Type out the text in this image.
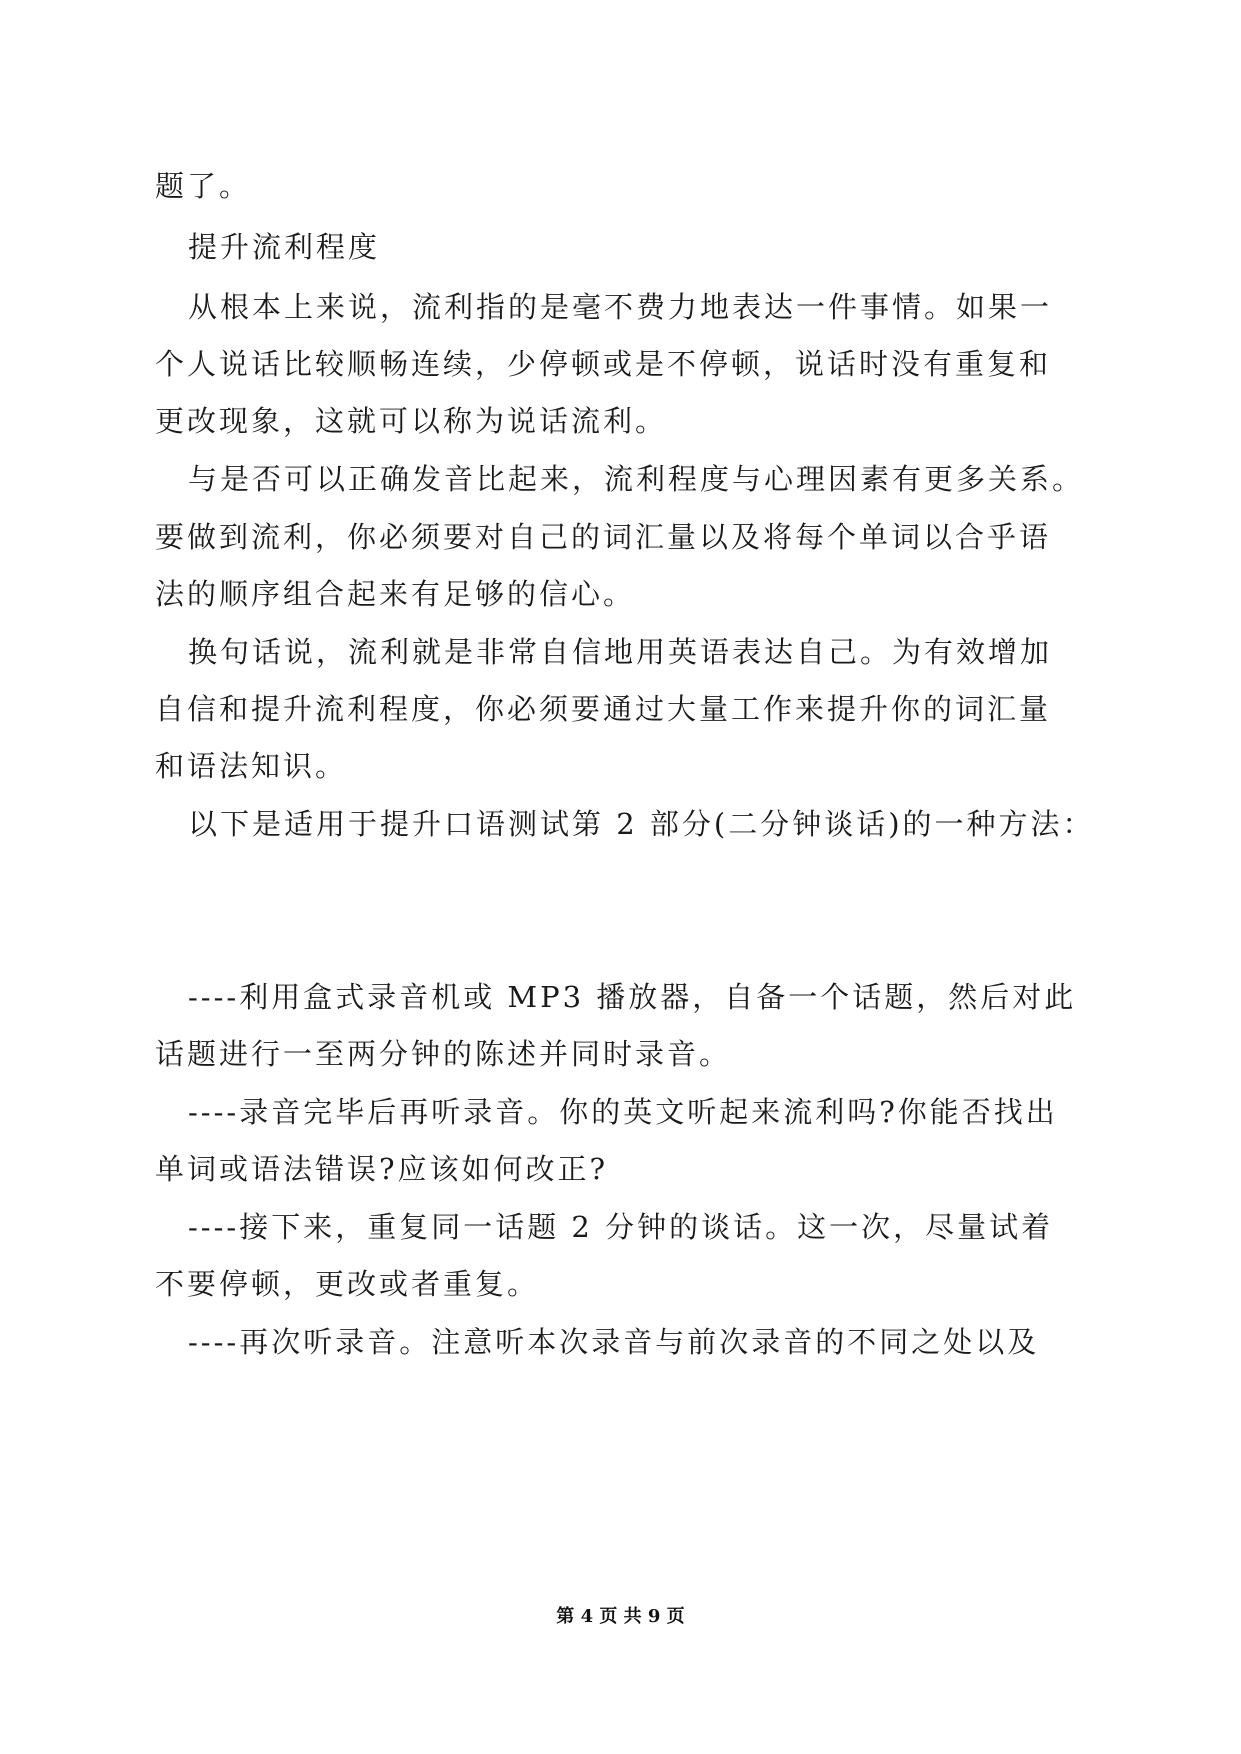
题了。
提升流利程度
从根本上来说，流利指的是毫不费力地表达一件事情。如果一
个人说话比较顺畅连续，少停顿或是不停顿，说话时没有重复和
更改现象，这就可以称为说话流利。
与是否可以正确发音比起来，流利程度与心理因素有更多关系。
要做到流利，你必须要对自己的词汇量以及将每个单词以合乎语
法的顺序组合起来有足够的信心。
换句话说，流利就是非常自信地用英语表达自己。为有效增加
自信和提升流利程度，你必须要通过大量工作来提升你的词汇量
和语法知识。
以下是适用于提升口语测试第 2 部分(二分钟谈话)的一种方法：
----利用盒式录音机或 MP3 播放器，自备一个话题，然后对此
话题进行一至两分钟的陈述并同时录音。
----录音完毕后再听录音。你的英文听起来流利吗?你能否找出
单词或语法错误?应该如何改正?
----接下来，重复同一话题 2 分钟的谈话。这一次，尽量试着
不要停顿，更改或者重复。
----再次听录音。注意听本次录音与前次录音的不同之处以及
第 4 页 共 9 页
